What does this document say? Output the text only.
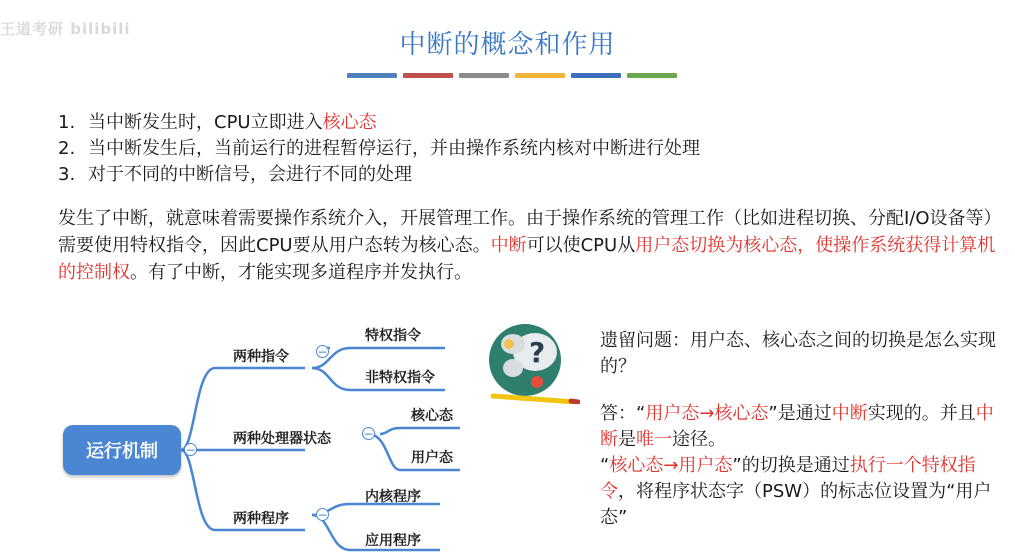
王道考研 bilibili
中断的概念和作用
1. 当中断发生时，CPU立即进入核心态
2. 当中断发生后，当前运行的进程暂停运行，并由操作系统内核对中断进行处理
3. 对于不同的中断信号，会进行不同的处理

发生了中断，就意味着需要操作系统介入，开展管理工作。由于操作系统的管理工作（比如进程切换、分配I/O设备等）需要使用特权指令，因此CPU要从用户态转为核心态。中断可以使CPU从用户态切换为核心态，使操作系统获得计算机的控制权。有了中断，才能实现多道程序并发执行。

运行机制	−
两种指令 −
特权指令
非特权指令
两种处理器状态	−
核心态
用户态
两种程序 −
内核程序
应用程序
?	遗留问题：用户态、核心态之间的切换是怎么实现的？

答：“用户态→核心态”是通过中断实现的。并且中断是唯一途径。
“核心态→用户态”的切换是通过执行一个特权指令，将程序状态字（PSW）的标志位设置为“用户态”
